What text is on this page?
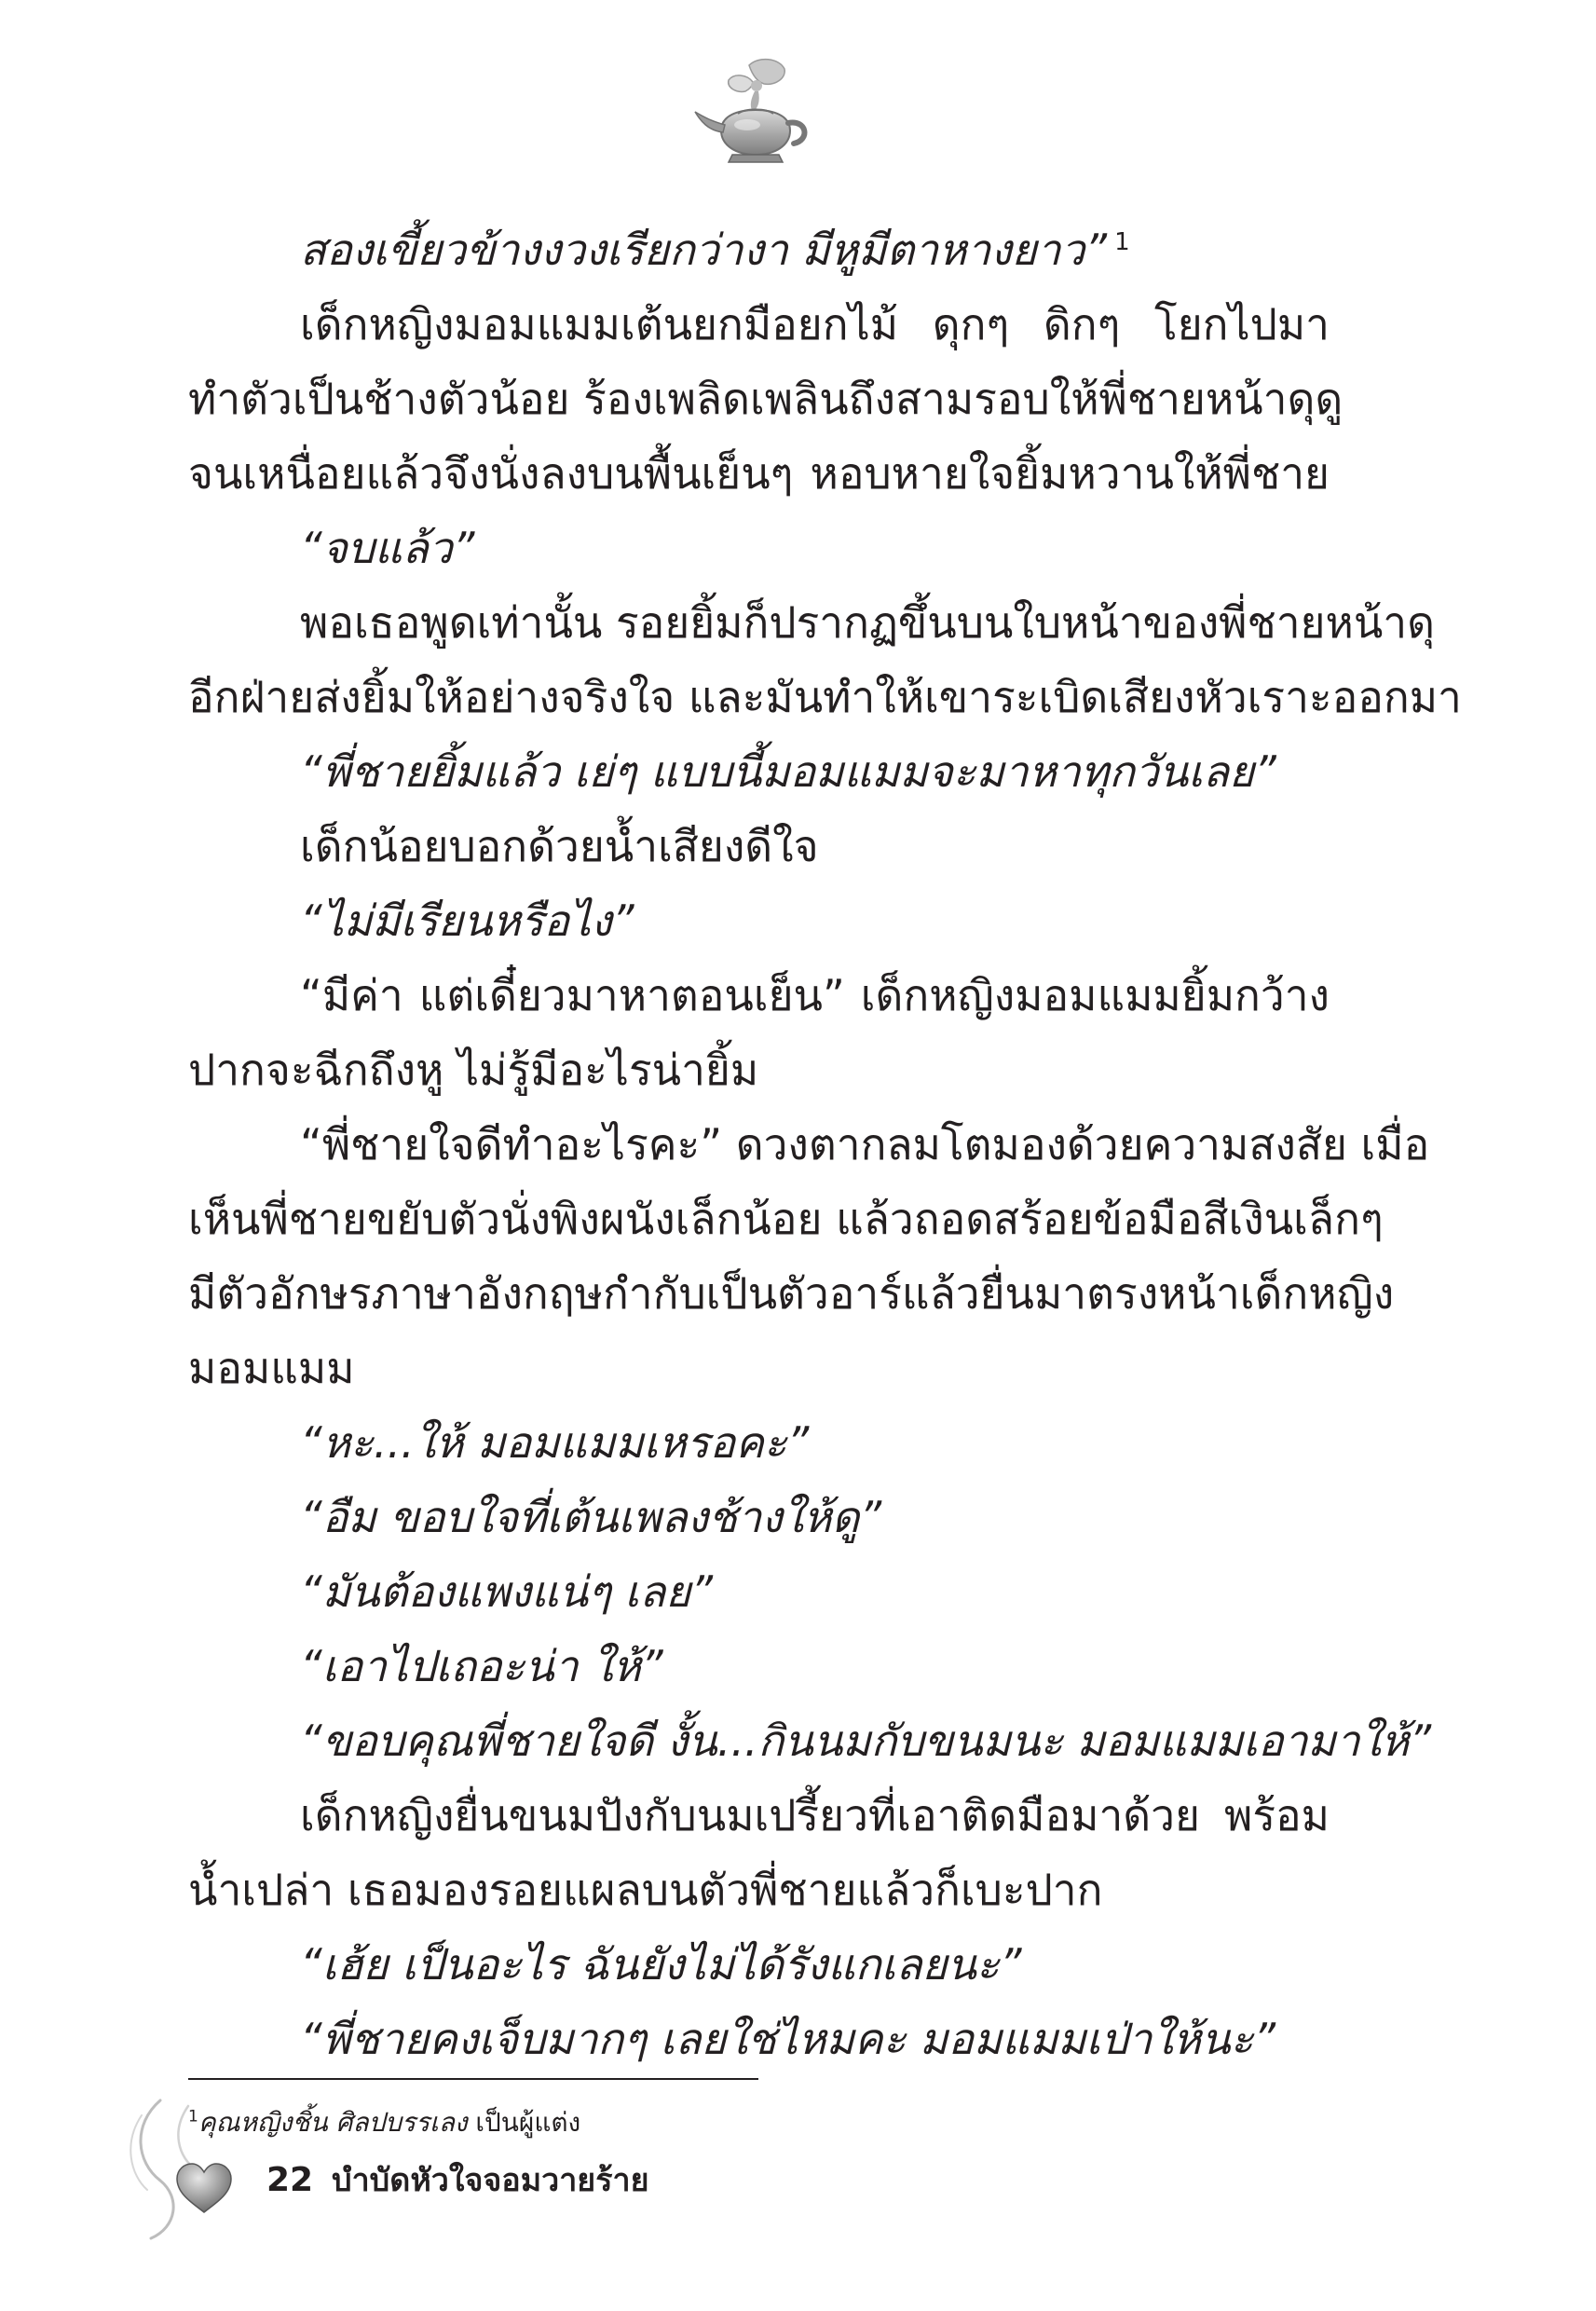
สองเขี้ยวข้างงวงเรียกว่างา มีหูมีตาหางยาว” $^1$
เด็กหญิงมอมแมมเต้นยกมือยกไม้ ดุกๆ ดิกๆ โยกไปมา
ทำตัวเป็นช้างตัวน้อย ร้องเพลิดเพลินถึงสามรอบให้พี่ชายหน้าดุดู
จนเหนื่อยแล้วจึงนั่งลงบนพื้นเย็นๆ หอบหายใจยิ้มหวานให้พี่ชาย
“จบแล้ว”
พอเธอพูดเท่านั้น รอยยิ้มก็ปรากฏขึ้นบนใบหน้าของพี่ชายหน้าดุ
อีกฝ่ายส่งยิ้มให้อย่างจริงใจ และมันทำให้เขาระเบิดเสียงหัวเราะออกมา
“พี่ชายยิ้มแล้ว เย่ๆ แบบนี้มอมแมมจะมาหาทุกวันเลย”
เด็กน้อยบอกด้วยน้ำเสียงดีใจ
“ไม่มีเรียนหรือไง”
“มีค่า แต่เดี๋ยวมาหาตอนเย็น” เด็กหญิงมอมแมมยิ้มกว้าง
ปากจะฉีกถึงหู ไม่รู้มีอะไรน่ายิ้ม
“พี่ชายใจดีทำอะไรคะ” ดวงตากลมโตมองด้วยความสงสัย เมื่อ
เห็นพี่ชายขยับตัวนั่งพิงผนังเล็กน้อย แล้วถอดสร้อยข้อมือสีเงินเล็กๆ
มีตัวอักษรภาษาอังกฤษกำกับเป็นตัวอาร์แล้วยื่นมาตรงหน้าเด็กหญิง
มอมแมม
“หะ...ให้ มอมแมมเหรอคะ”
“อืม ขอบใจที่เต้นเพลงช้างให้ดู”
“มันต้องแพงแน่ๆ เลย”
“เอาไปเถอะน่า ให้”
“ขอบคุณพี่ชายใจดี งั้น...กินนมกับขนมนะ มอมแมมเอามาให้”
เด็กหญิงยื่นขนมปังกับนมเปรี้ยวที่เอาติดมือมาด้วย พร้อม
น้ำเปล่า เธอมองรอยแผลบนตัวพี่ชายแล้วก็เบะปาก
“เฮ้ย เป็นอะไร ฉันยังไม่ได้รังแกเลยนะ”
“พี่ชายคงเจ็บมากๆ เลยใช่ไหมคะ มอมแมมเป่าให้นะ”
$^1$คุณหญิงชิ้น ศิลปบรรเลง เป็นผู้แต่ง
22 บำบัดหัวใจจอมวายร้าย
